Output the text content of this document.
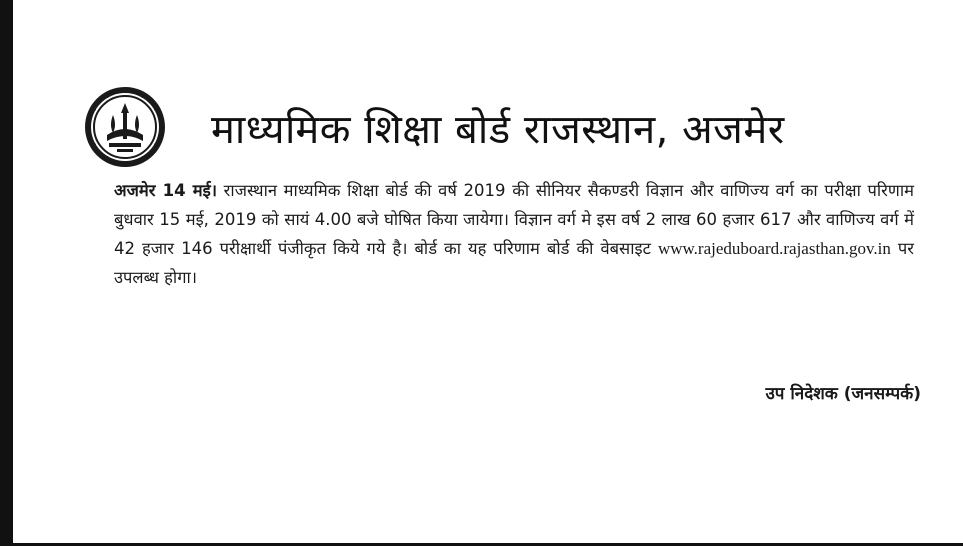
माध्यमिक शिक्षा बोर्ड राजस्थान, अजमेर
अजमेर 14 मई। राजस्थान माध्यमिक शिक्षा बोर्ड की वर्ष 2019 की सीनियर सैकण्डरी विज्ञान और वाणिज्य वर्ग का परीक्षा परिणाम बुधवार 15 मई, 2019 को सायं 4.00 बजे घोषित किया जायेगा। विज्ञान वर्ग मे इस वर्ष 2 लाख 60 हजार 617 और वाणिज्य वर्ग में 42 हजार 146 परीक्षार्थी पंजीकृत किये गये है। बोर्ड का यह परिणाम बोर्ड की वेबसाइट www.rajeduboard.rajasthan.gov.in पर उपलब्ध होगा।
उप निदेशक (जनसम्पर्क)
